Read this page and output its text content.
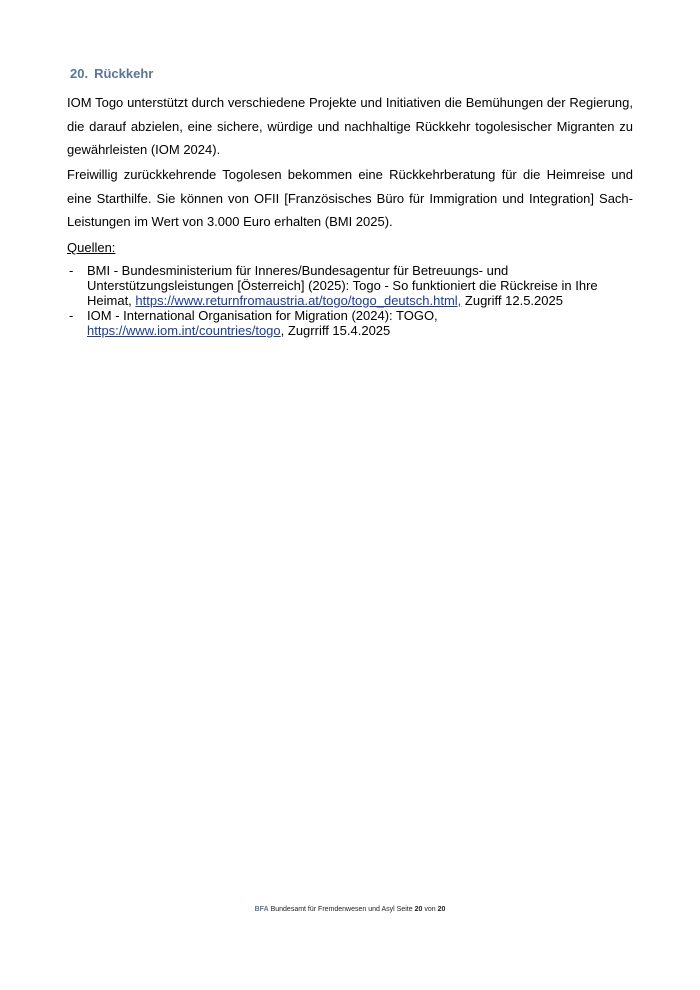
20. Rückkehr

IOM Togo unterstützt durch verschiedene Projekte und Initiativen die Bemühungen der Regierung, die darauf abzielen, eine sichere, würdige und nachhaltige Rückkehr togolesischer Migranten zu gewährleisten (IOM 2024).

Freiwillig zurückkehrende Togolesen bekommen eine Rückkehrberatung für die Heimreise und eine Starthilfe. Sie können von OFII [Französisches Büro für Immigration und Integration] Sach-Leistungen im Wert von 3.000 Euro erhalten (BMI 2025).

Quellen:
- BMI - Bundesministerium für Inneres/Bundesagentur für Betreuungs- und Unterstützungsleistungen [Österreich] (2025): Togo - So funktioniert die Rückreise in Ihre Heimat, https://www.returnfromaustria.at/togo/togo_deutsch.html, Zugriff 12.5.2025
- IOM - International Organisation for Migration (2024): TOGO, https://www.iom.int/countries/togo, Zugrriff 15.4.2025
BFA Bundesamt für Fremdenwesen und Asyl Seite 20 von 20
